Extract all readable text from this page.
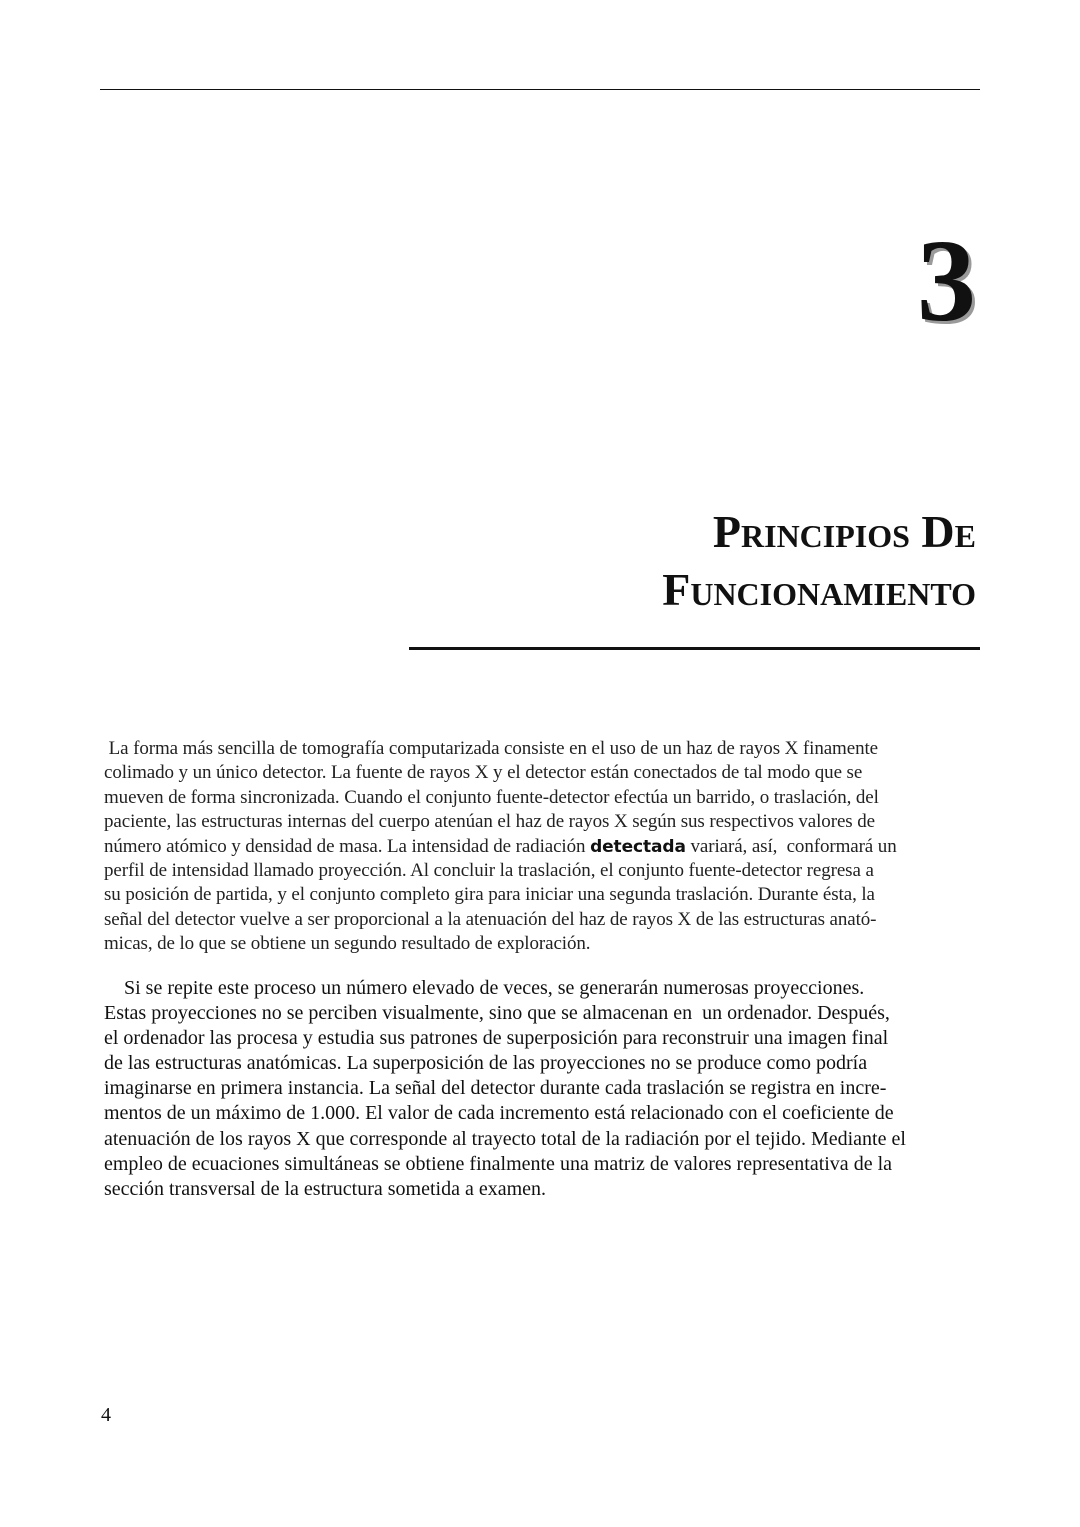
3
Principios De
Funcionamiento

La forma más sencilla de tomografía computarizada consiste en el uso de un haz de rayos X finamente
colimado y un único detector. La fuente de rayos X y el detector están conectados de tal modo que se
mueven de forma sincronizada. Cuando el conjunto fuente-detector efectúa un barrido, o traslación, del
paciente, las estructuras internas del cuerpo atenúan el haz de rayos X según sus respectivos valores de
número atómico y densidad de masa. La intensidad de radiación detectada variará, así,  conformará un
perfil de intensidad llamado proyección. Al concluir la traslación, el conjunto fuente-detector regresa a
su posición de partida, y el conjunto completo gira para iniciar una segunda traslación. Durante ésta, la
señal del detector vuelve a ser proporcional a la atenuación del haz de rayos X de las estructuras anató-
micas, de lo que se obtiene un segundo resultado de exploración.

Si se repite este proceso un número elevado de veces, se generarán numerosas proyecciones.
Estas proyecciones no se perciben visualmente, sino que se almacenan en  un ordenador. Después,
el ordenador las procesa y estudia sus patrones de superposición para reconstruir una imagen final
de las estructuras anatómicas. La superposición de las proyecciones no se produce como podría
imaginarse en primera instancia. La señal del detector durante cada traslación se registra en incre-
mentos de un máximo de 1.000. El valor de cada incremento está relacionado con el coeficiente de
atenuación de los rayos X que corresponde al trayecto total de la radiación por el tejido. Mediante el
empleo de ecuaciones simultáneas se obtiene finalmente una matriz de valores representativa de la
sección transversal de la estructura sometida a examen.

4
